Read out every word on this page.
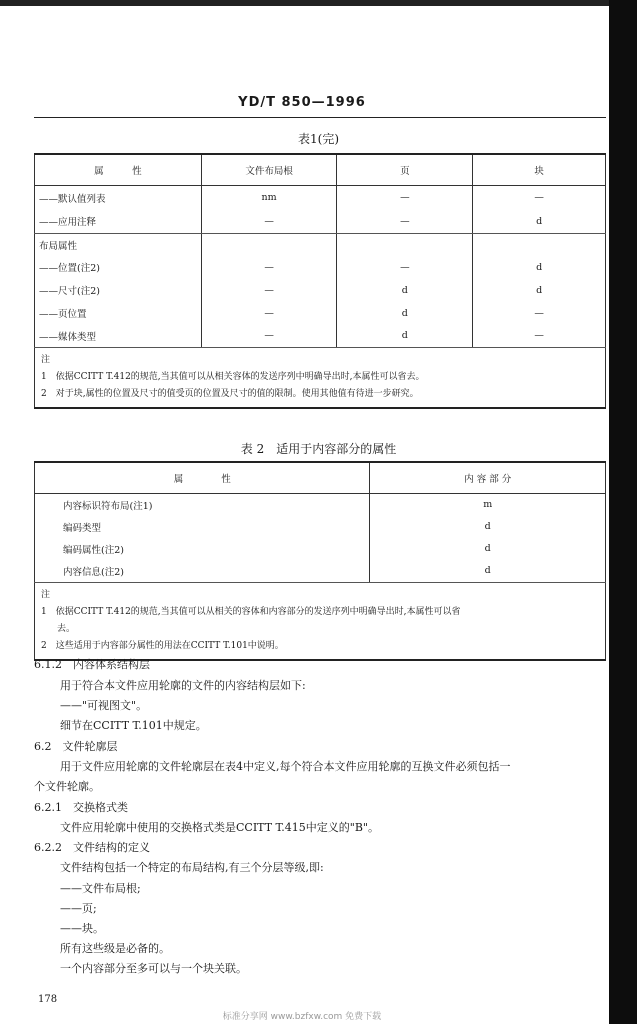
YD/T 850—1996
表1(完)
属　　　性	文件布局根	页	块
——默认值列表	nm	—	—
——应用注释	—	—	d
布局属性			
——位置(注2)	—	—	d
——尺寸(注2)	—	d	d
——页位置	—	d	—
——媒体类型	—	d	—

注
1　依据CCITT T.412的规范,当其值可以从相关容体的发送序列中明确导出时,本属性可以省去。
2　对于块,属性的位置及尺寸的值受页的位置及尺寸的值的限制。使用其他值有待进一步研究。			
表 2　适用于内容部分的属性
属　　　　性	内 容 部 分
内容标识符布局(注1)	m
编码类型	d
编码属性(注2)	d
内容信息(注2)	d

注
1　依据CCITT T.412的规范,当其值可以从相关的容体和内容部分的发送序列中明确导出时,本属性可以省
去。
2　这些适用于内容部分属性的用法在CCITT T.101中说明。	
6.1.2　内容体系结构层
用于符合本文件应用轮廓的文件的内容结构层如下:
——"可视图文"。
细节在CCITT T.101中规定。
6.2　文件轮廓层
用于文件应用轮廓的文件轮廓层在表4中定义,每个符合本文件应用轮廓的互换文件必须包括一
个文件轮廓。
6.2.1　交换格式类
文件应用轮廓中使用的交换格式类是CCITT T.415中定义的"B"。
6.2.2　文件结构的定义
文件结构包括一个特定的布局结构,有三个分层等级,即:
——文件布局根;
——页;
——块。
所有这些级是必备的。
一个内容部分至多可以与一个块关联。
178
标准分享网 www.bzfxw.com 免费下载
